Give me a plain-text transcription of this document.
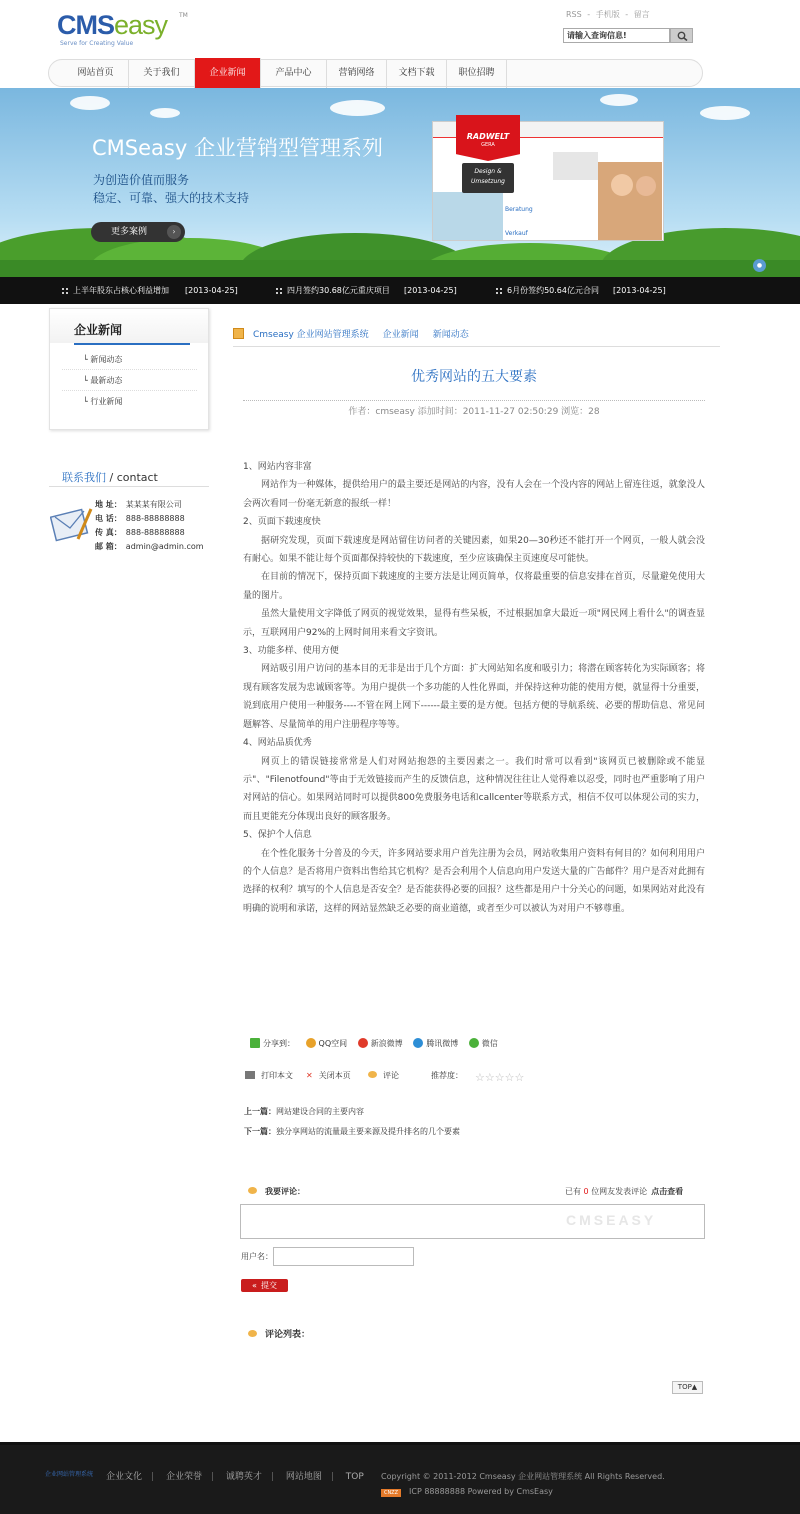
CMSeasy TM
Serve for Creating Value
RSS - 手机版 - 留言
请输入查询信息!
网站首页	关于我们	企业新闻	产品中心	营销网络	文档下载	职位招聘
CMSeasy 企业营销型管理系列
为创造价值而服务
稳定、可靠、强大的技术支持
更多案例	›
Beratung
Verkauf
RADWELT
GERA
Design &
Umsetzung
●
上半年股东占核心利益增加 [2013-04-25]	四月签约30.68亿元重庆项目 [2013-04-25]	6月份签约50.64亿元合同 [2013-04-25]
企业新闻
└ 新闻动态
└ 最新动态
└ 行业新闻
联系我们 / contact
地 址： 某某某有限公司
电 话： 888-88888888
传 真： 888-88888888
邮 箱： admin@admin.com
Cmseasy 企业网站管理系统 企业新闻 新闻动态
优秀网站的五大要素
作者：cmseasy 添加时间：2011-11-27 02:50:29 浏览：28

1、网站内容非富

网站作为一种媒体，提供给用户的最主要还是网站的内容，没有人会在一个没内容的网站上留连往返，就象没人会两次看同一份毫无新意的报纸一样！

2、页面下载速度快

据研究发现，页面下载速度是网站留住访问者的关键因素，如果20—30秒还不能打开一个网页，一般人就会没有耐心。如果不能让每个页面都保持较快的下载速度，至少应该确保主页速度尽可能快。

在目前的情况下，保持页面下载速度的主要方法是让网页简单，仅将最重要的信息安排在首页，尽量避免使用大量的图片。

虽然大量使用文字降低了网页的视觉效果，显得有些呆板，不过根据加拿大最近一项"网民网上看什么"的调查显示，互联网用户92%的上网时间用来看文字资讯。

3、功能多样、使用方便

网站吸引用户访问的基本目的无非是出于几个方面：扩大网站知名度和吸引力；将潜在顾客转化为实际顾客；将现有顾客发展为忠诚顾客等。为用户提供一个多功能的人性化界面，并保持这种功能的使用方便，就显得十分重要，说到底用户使用一种服务----不管在网上网下------最主要的是方便。包括方便的导航系统、必要的帮助信息、常见问题解答、尽量简单的用户注册程序等等。

4、网站品质优秀

网页上的错误链接常常是人们对网站抱怨的主要因素之一。我们时常可以看到"该网页已被删除或不能显示"、"Filenotfound"等由于无效链接而产生的反馈信息，这种情况往往让人觉得难以忍受，同时也严重影响了用户对网站的信心。如果网站同时可以提供800免费服务电话和callcenter等联系方式，相信不仅可以体现公司的实力，而且更能充分体现出良好的顾客服务。

5、保护个人信息

在个性化服务十分普及的今天，许多网站要求用户首先注册为会员，网站收集用户资料有何目的？如何利用用户的个人信息？是否将用户资料出售给其它机构？是否会利用个人信息向用户发送大量的广告邮件？用户是否对此拥有选择的权利？填写的个人信息是否安全？是否能获得必要的回报？这些都是用户十分关心的问题，如果网站对此没有明确的说明和承诺，这样的网站显然缺乏必要的商业道德，或者至少可以被认为对用户不够尊重。

分享到：	QQ空间	新浪微博	腾讯微博	微信
打印本文 ✕ 关闭本页	评论	推荐度： ☆☆☆☆☆
上一篇：网站建设合同的主要内容
下一篇：独分享网站的流量最主要来源及提升排名的几个要素
我要评论：	已有 0 位网友发表评论 点击查看
CMSEASY
用户名：
« 提交
评论列表：
TOP▲
企业网站管理系统 企业文化 | 企业荣誉 | 诚聘英才 | 网站地图 | TOP Copyright © 2011-2012 Cmseasy 企业网站管理系统 All Rights Reserved.
CNZZ ICP 88888888 Powered by CmsEasy
